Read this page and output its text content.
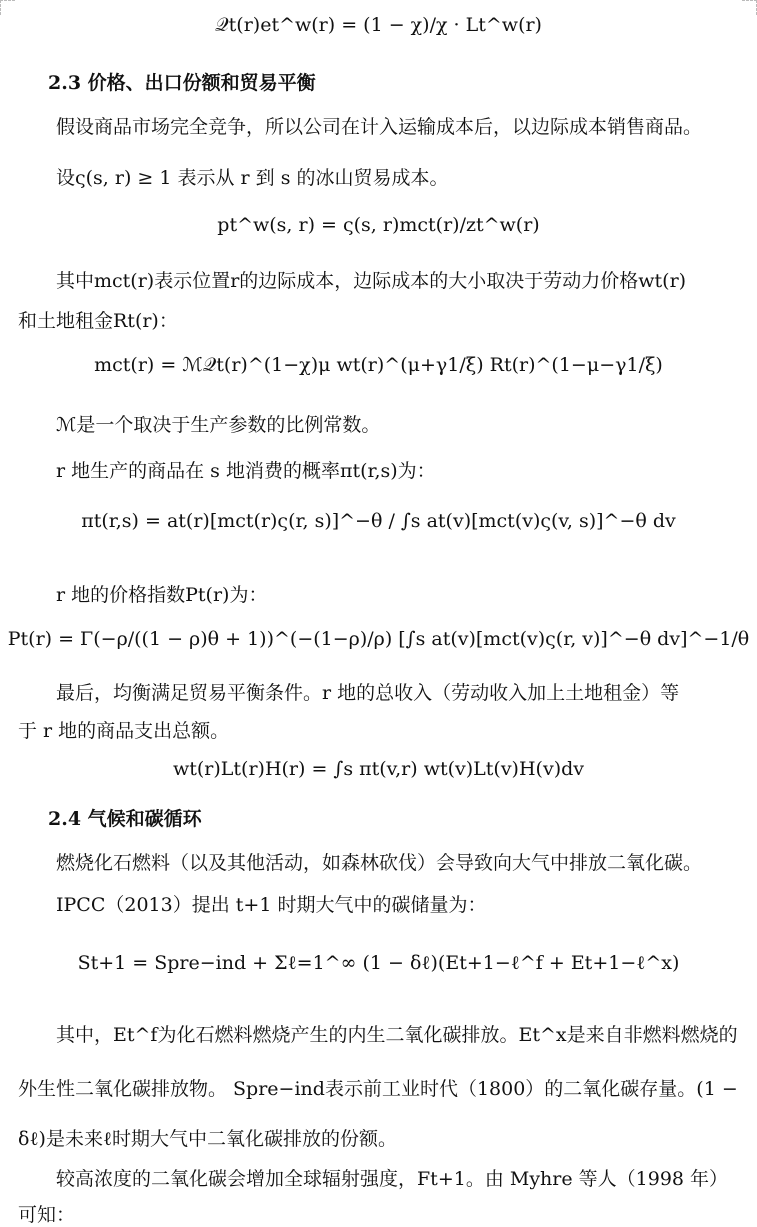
𝒬t(r)et^w(r) = (1 − χ)/χ · Lt^w(r)
2.3 价格、出口份额和贸易平衡
假设商品市场完全竞争，所以公司在计入运输成本后，以边际成本销售商品。
设ς(s, r) ≥ 1 表示从 r 到 s 的冰山贸易成本。
pt^w(s, r) = ς(s, r)mct(r)/zt^w(r)
其中mct(r)表示位置r的边际成本，边际成本的大小取决于劳动力价格wt(r)
和土地租金Rt(r)：
mct(r) = ℳ𝒬t(r)^(1−χ)μ wt(r)^(μ+γ1/ξ) Rt(r)^(1−μ−γ1/ξ)
ℳ是一个取决于生产参数的比例常数。
r 地生产的商品在 s 地消费的概率πt(r,s)为：
πt(r,s) = at(r)[mct(r)ς(r, s)]^−θ / ∫s at(v)[mct(v)ς(v, s)]^−θ dv
r 地的价格指数Pt(r)为：
Pt(r) = Γ(−ρ/((1 − ρ)θ + 1))^(−(1−ρ)/ρ) [∫s at(v)[mct(v)ς(r, v)]^−θ dv]^−1/θ
最后，均衡满足贸易平衡条件。r 地的总收入（劳动收入加上土地租金）等
于 r 地的商品支出总额。
wt(r)Lt(r)H(r) = ∫s πt(v,r) wt(v)Lt(v)H(v)dv
2.4 气候和碳循环
燃烧化石燃料（以及其他活动，如森林砍伐）会导致向大气中排放二氧化碳。
IPCC（2013）提出 t+1 时期大气中的碳储量为：
St+1 = Spre−ind + Σℓ=1^∞ (1 − δℓ)(Et+1−ℓ^f + Et+1−ℓ^x)
其中，Et^f为化石燃料燃烧产生的内生二氧化碳排放。Et^x是来自非燃料燃烧的
外生性二氧化碳排放物。 Spre−ind表示前工业时代（1800）的二氧化碳存量。(1 −
δℓ)是未来ℓ时期大气中二氧化碳排放的份额。
较高浓度的二氧化碳会增加全球辐射强度，Ft+1。由 Myhre 等人（1998 年）
可知：
